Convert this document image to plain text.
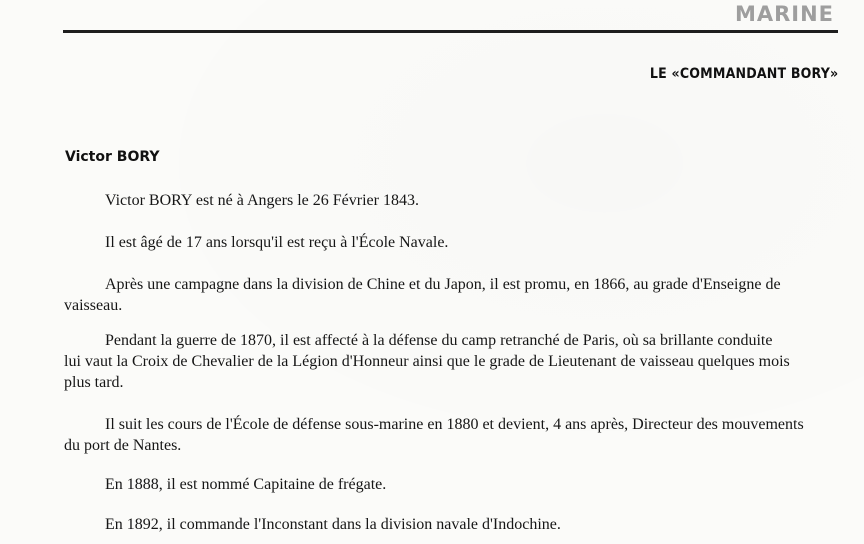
MARINE
LE «COMMANDANT BORY»
Victor BORY
Victor BORY est né à Angers le 26 Février 1843.
Il est âgé de 17 ans lorsqu'il est reçu à l'École Navale.
Après une campagne dans la division de Chine et du Japon, il est promu, en 1866, au grade d'Enseigne de
vaisseau.
Pendant la guerre de 1870, il est affecté à la défense du camp retranché de Paris, où sa brillante conduite
lui vaut la Croix de Chevalier de la Légion d'Honneur ainsi que le grade de Lieutenant de vaisseau quelques mois
plus tard.
Il suit les cours de l'École de défense sous-marine en 1880 et devient, 4 ans après, Directeur des mouvements
du port de Nantes.
En 1888, il est nommé Capitaine de frégate.
En 1892, il commande l'Inconstant dans la division navale d'Indochine.
